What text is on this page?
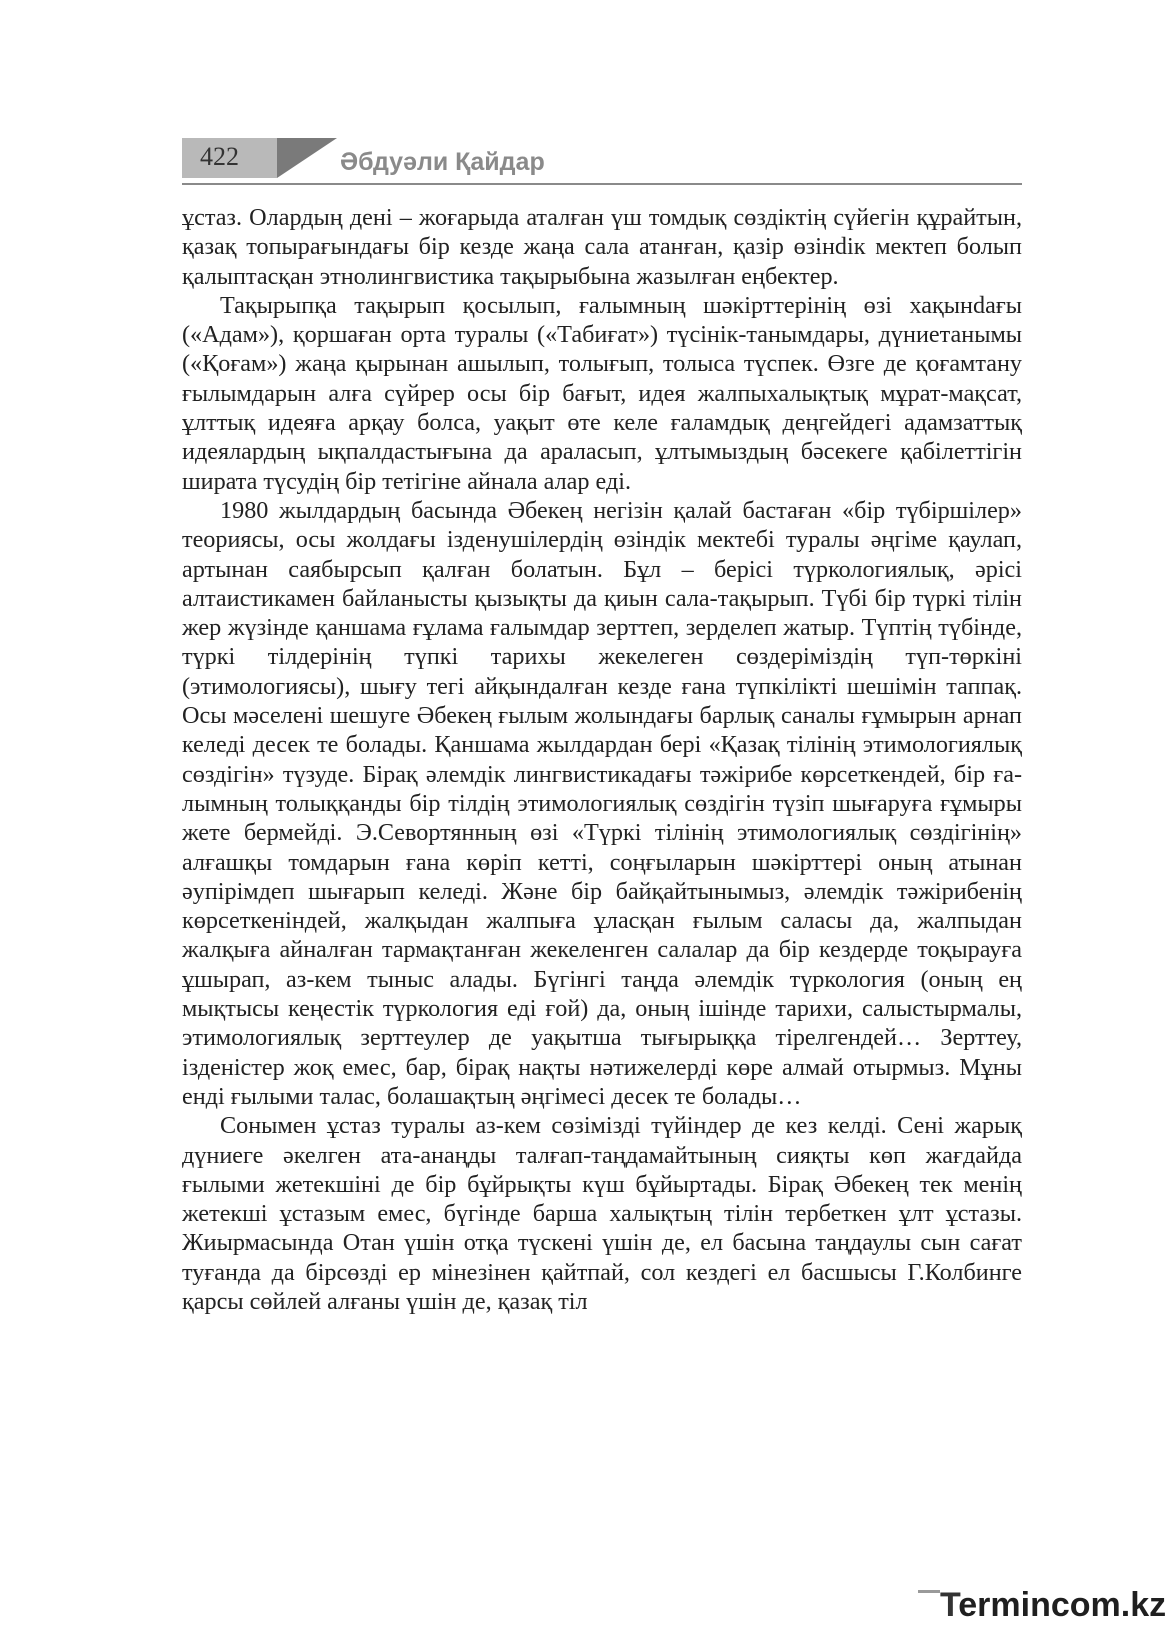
422	Әбдуәли Қайдар

ұстаз. Олардың дені – жоғарыда аталған үш томдық сөздіктің сүйегін құрайтын, қазақ топырағындағы бір кезде жаңа сала атанған, қазір өзінdік мектеп болып қалыптасқан этнолингвистика тақырыбына жазылған еңбектер.

Тақырыпқа тақырып қосылып, ғалымның шәкірттерінің өзі хақынdағы («Адам»), қоршаған орта туралы («Табиғат») түсінік-танымдары, дүниетанымы («Қоғам») жаңа қырынан ашылып, толығып, толыса түспек. Өзге де қоғамтану ғылымдарын алға сүйрер осы бір бағыт, идея жалпыхалықтық мұрат-мақсат, ұлттық идеяға арқау болса, уақыт өте келе ғаламдық деңгейдегі адамзаттық идеялардың ықпалдастығына да араласып, ұлтымыздың бәсекеге қабілеттігін ширата түсудің бір тетігіне айнала алар еді.

1980 жылдардың басында Әбекең негізін қалай бастаған «бір түбіршілер» теориясы, осы жолдағы ізденушілердің өзіндік мектебі туралы әңгіме қаулап, артынан саябырсып қалған болатын. Бұл – берісі түркологиялық, әрісі алтаистикамен байланысты қызықты да қиын сала-тақырып. Түбі бір түркі тілін жер жүзінде қаншама ғұлама ғалымдар зерттеп, зерделеп жатыр. Түптің түбінде, түркі тілдерінің түпкі тарихы жекелеген сөздеріміздің түп-төркіні (этимологиясы), шығу тегі айқындалған кезде ғана түпкілікті шешімін таппақ. Осы мәселені шешуге Әбекең ғылым жолындағы барлық саналы ғұмырын арнап келеді десек те болады. Қаншама жылдардан бері «Қазақ тілінің этимологиялық сөздігін» түзуде. Бірақ әлемдік лингвистикадағы тәжірибе көрсеткендей, бір ғалымның толыққанды бір тілдің этимологиялық сөздігін түзіп шығаруға ғұмыры жете бермейді. Э.Севортянның өзі «Түркі тілінің этимологиялық сөздігінің» алғашқы томдарын ғана көріп кетті, соңғыларын шәкірттері оның атынан әупірімдеп шығарып келеді. Және бір байқайтынымыз, әлемдік тәжірибенің көрсеткеніндей, жалқыдан жалпыға ұласқан ғылым саласы да, жалпыдан жалқыға айналған тармақтанған жекеленген салалар да бір кездерде тоқырауға ұшырап, аз-кем тыныс алады. Бүгінгі таңда әлемдік түркология (оның ең мықтысы кеңестік түркология еді ғой) да, оның ішінде тарихи, салыстырмалы, этимологиялық зерттеулер де уақытша тығырыққа тірелгендей… Зерттеу, ізденістер жоқ емес, бар, бірақ нақты нәтижелерді көре алмай отырмыз. Мұны енді ғылыми талас, болашақтың әңгімесі десек те болады…

Сонымен ұстаз туралы аз-кем сөзімізді түйіндер де кез келді. Сені жарық дүниеге әкелген ата-анаңды талғап-таңдамайтының сияқты көп жағдайда ғылыми жетекшіні де бір бұйрықты күш бұйыртады. Бірақ Әбекең тек менің жетекші ұстазым емес, бүгінде барша халықтың тілін тербеткен ұлт ұстазы. Жиырмасында Отан үшін отқа түскені үшін де, ел басына таңдаулы сын сағат туғанда да бірсөзді ер мінезінен қайтпай, сол кездегі ел басшысы Г.Колбинге қарсы сөйлей алғаны үшін де, қазақ тіл

Termincom.kz
